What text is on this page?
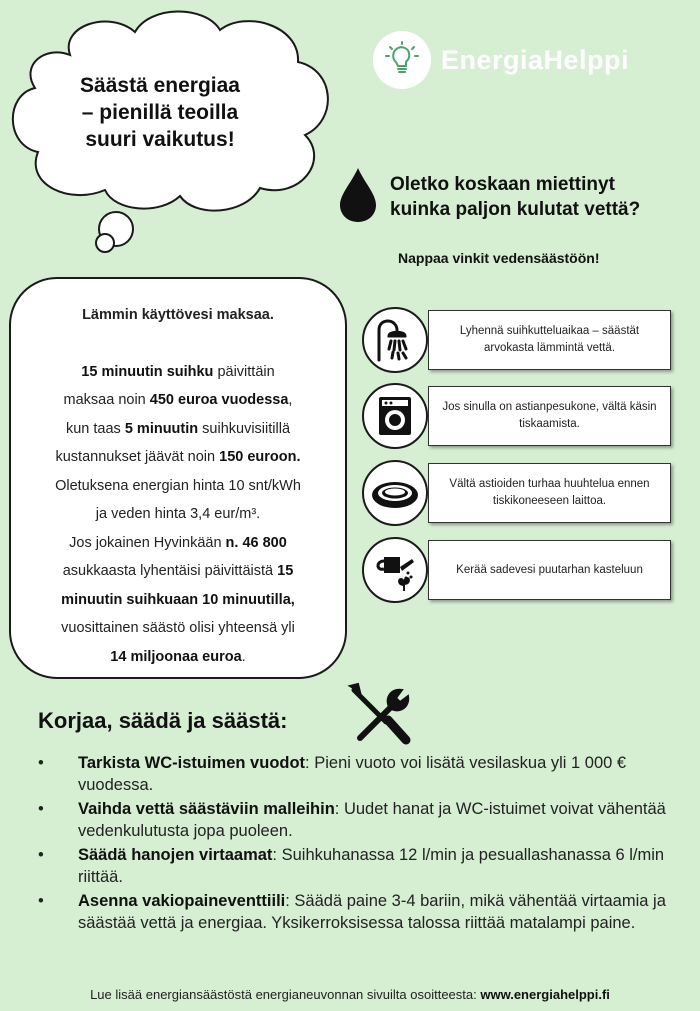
Säästä energiaa
– pienillä teoilla
suuri vaikutus!
EnergiaHelppi
Oletko koskaan miettinyt
kuinka paljon kulutat vettä?
Nappaa vinkit vedensäästöön!
Lämmin käyttövesi maksaa.
15 minuutin suihku päivittäin
maksaa noin 450 euroa vuodessa,
kun taas 5 minuutin suihkuvisiitillä
kustannukset jäävät noin 150 euroon.
Oletuksena energian hinta 10 snt/kWh
ja veden hinta 3,4 eur/m³.
Jos jokainen Hyvinkään n. 46 800
asukkaasta lyhentäisi päivittäistä 15
minuutin suihkuaan 10 minuutilla,
vuosittainen säästö olisi yhteensä yli
14 miljoonaa euroa.
Lyhennä suihkutteluaikaa – säästät arvokasta lämmintä vettä.
Jos sinulla on astianpesukone, vältä käsin tiskaamista.
Vältä astioiden turhaa huuhtelua ennen tiskikoneeseen laittoa.
Kerää sadevesi puutarhan kasteluun
Korjaa, säädä ja säästä:
• Tarkista WC-istuimen vuodot: Pieni vuoto voi lisätä vesilaskua yli 1 000 € vuodessa.
• Vaihda vettä säästäviin malleihin: Uudet hanat ja WC-istuimet voivat vähentää vedenkulutusta jopa puoleen.
• Säädä hanojen virtaamat: Suihkuhanassa 12 l/min ja pesuallashanassa 6 l/min riittää.
• Asenna vakiopaineventtiili: Säädä paine 3-4 bariin, mikä vähentää virtaamia ja säästää vettä ja energiaa. Yksikerroksisessa talossa riittää matalampi paine.
Lue lisää energiansäästöstä energianeuvonnan sivuilta osoitteesta: www.energiahelppi.fi
